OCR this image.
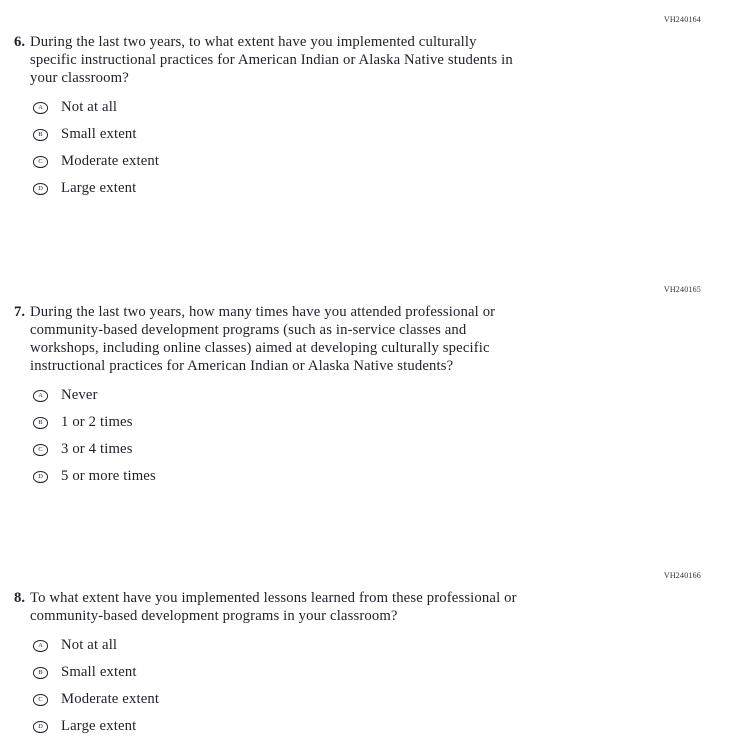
VH240164
6. During the last two years, to what extent have you implemented culturally
specific instructional practices for American Indian or Alaska Native students in
your classroom?
A	Not at all
B	Small extent
C	Moderate extent
D	Large extent
VH240165
7. During the last two years, how many times have you attended professional or
community-based development programs (such as in-service classes and
workshops, including online classes) aimed at developing culturally specific
instructional practices for American Indian or Alaska Native students?
A	Never
B	1 or 2 times
C	3 or 4 times
D	5 or more times
VH240166
8. To what extent have you implemented lessons learned from these professional or
community-based development programs in your classroom?
A	Not at all
B	Small extent
C	Moderate extent
D	Large extent
